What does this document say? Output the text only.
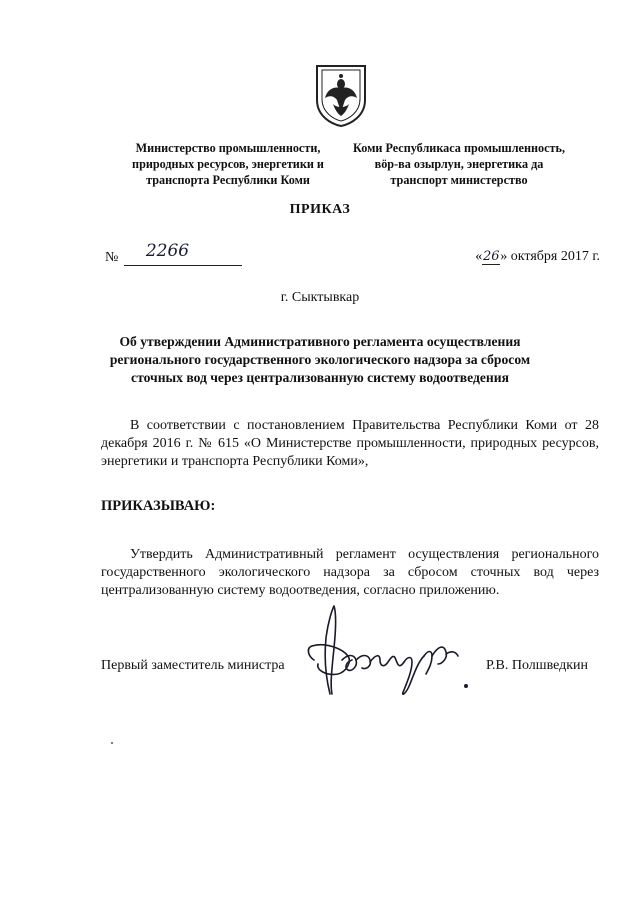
Министерство промышленности,
природных ресурсов, энергетики и
транспорта Республики Коми
Коми Республикаса промышленность,
вӧр-ва озырлун, энергетика да
транспорт министерство
ПРИКАЗ
№ 2266	«26» октября 2017 г.
г. Сыктывкар
Об утверждении Административного регламента осуществления
регионального государственного экологического надзора за сбросом
сточных вод через централизованную систему водоотведения
В соответствии с постановлением Правительства Республики Коми от 28 декабря 2016 г. № 615 «О Министерстве промышленности, природных ресурсов, энергетики и транспорта Республики Коми»,
ПРИКАЗЫВАЮ:
Утвердить Административный регламент осуществления регионального государственного экологического надзора за сбросом сточных вод через централизованную систему водоотведения, согласно приложению.
Первый заместитель министра	Р.В. Полшведкин
